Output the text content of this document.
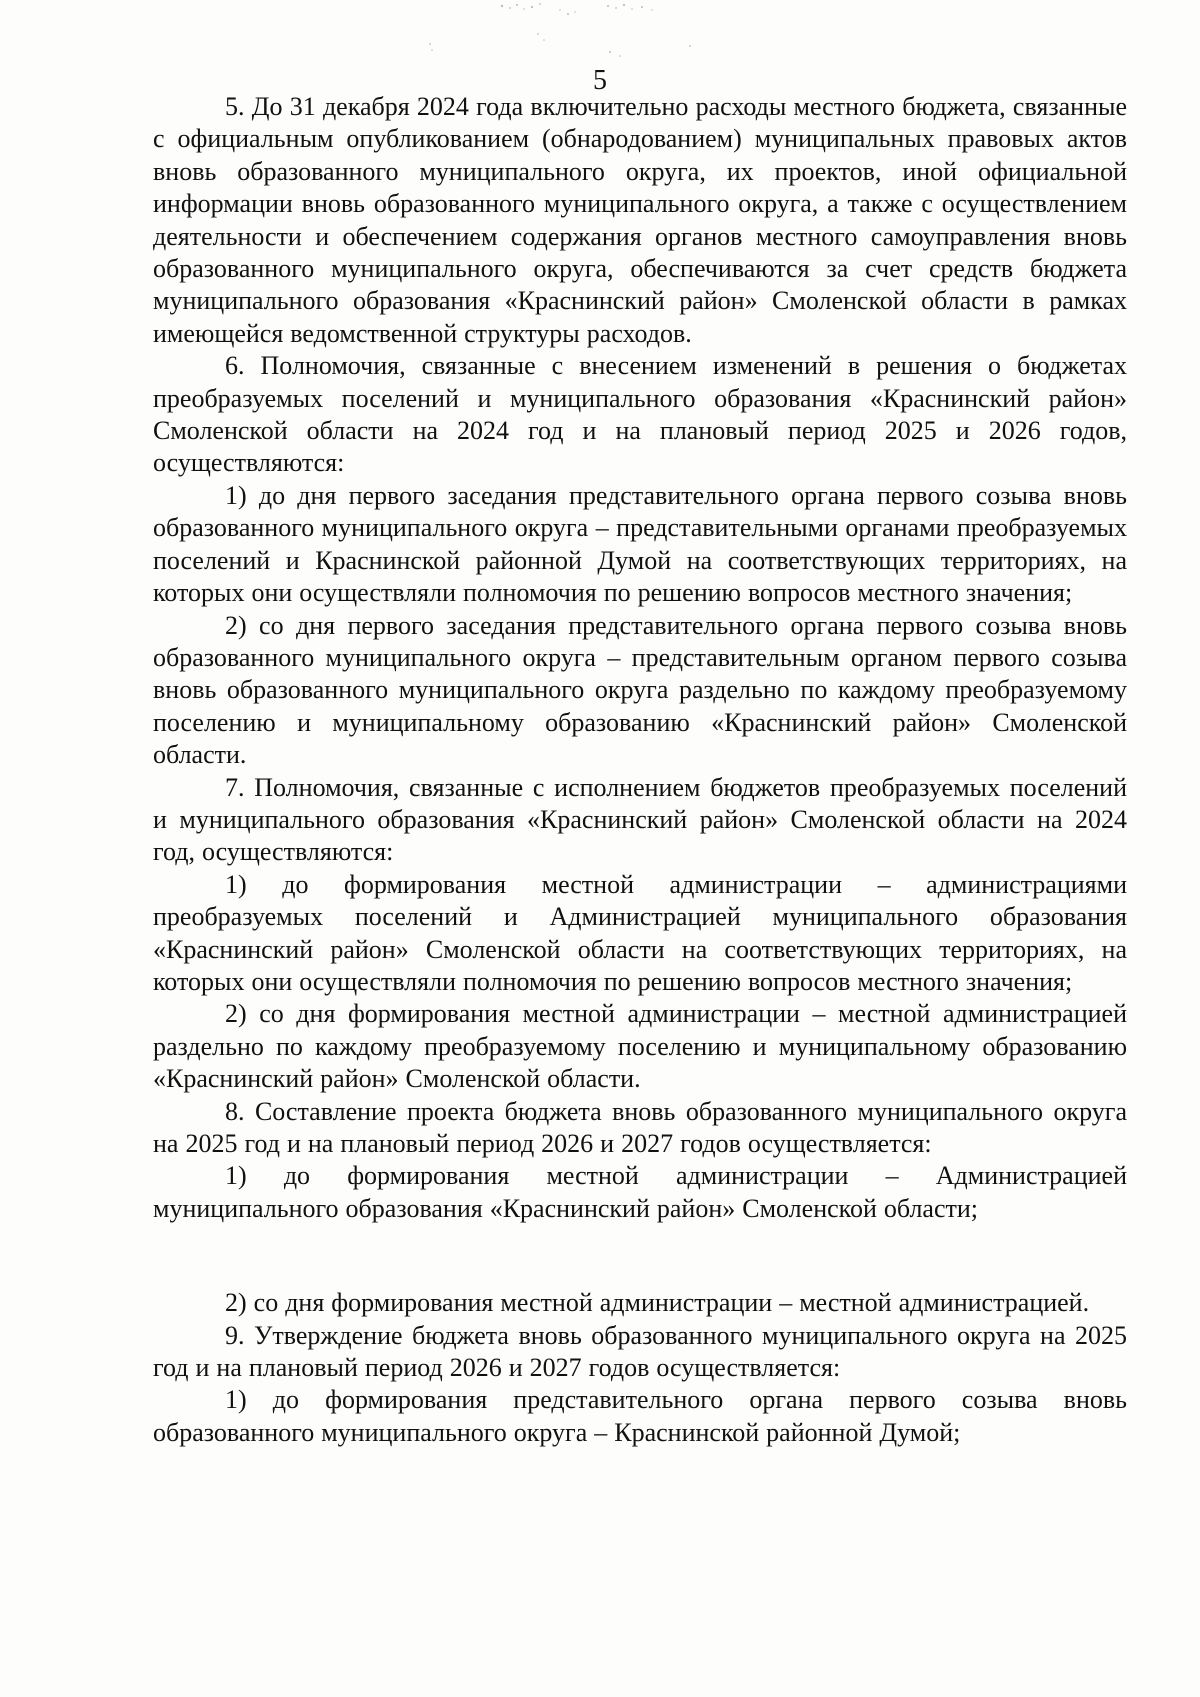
5

5. До 31 декабря 2024 года включительно расходы местного бюджета, связанные с официальным опубликованием (обнародованием) муниципальных правовых актов вновь образованного муниципального округа, их проектов, иной официальной информации вновь образованного муниципального округа, а также с осуществлением деятельности и обеспечением содержания органов местного самоуправления вновь образованного муниципального округа, обеспечиваются за счет средств бюджета муниципального образования «Краснинский район» Смоленской области в рамках имеющейся ведомственной структуры расходов.

6. Полномочия, связанные с внесением изменений в решения о бюджетах преобразуемых поселений и муниципального образования «Краснинский район» Смоленской области на 2024 год и на плановый период 2025 и 2026 годов, осуществляются:

1) до дня первого заседания представительного органа первого созыва вновь образованного муниципального округа – представительными органами преобразуемых поселений и Краснинской районной Думой на соответствующих территориях, на которых они осуществляли полномочия по решению вопросов местного значения;

2) со дня первого заседания представительного органа первого созыва вновь образованного муниципального округа – представительным органом первого созыва вновь образованного муниципального округа раздельно по каждому преобразуемому поселению и муниципальному образованию «Краснинский район» Смоленской области.

7. Полномочия, связанные с исполнением бюджетов преобразуемых поселений и муниципального образования «Краснинский район» Смоленской области на 2024 год, осуществляются:

1) до формирования местной администрации – администрациями преобразуемых поселений и Администрацией муниципального образования «Краснинский район» Смоленской области на соответствующих территориях, на которых они осуществляли полномочия по решению вопросов местного значения;

2) со дня формирования местной администрации – местной администрацией раздельно по каждому преобразуемому поселению и муниципальному образованию «Краснинский район» Смоленской области.

8. Составление проекта бюджета вновь образованного муниципального округа на 2025 год и на плановый период 2026 и 2027 годов осуществляется:

1) до формирования местной администрации – Администрацией муниципального образования «Краснинский район» Смоленской области;

2) со дня формирования местной администрации – местной администрацией.

9. Утверждение бюджета вновь образованного муниципального округа на 2025 год и на плановый период 2026 и 2027 годов осуществляется:

1) до формирования представительного органа первого созыва вновь образованного муниципального округа – Краснинской районной Думой;
